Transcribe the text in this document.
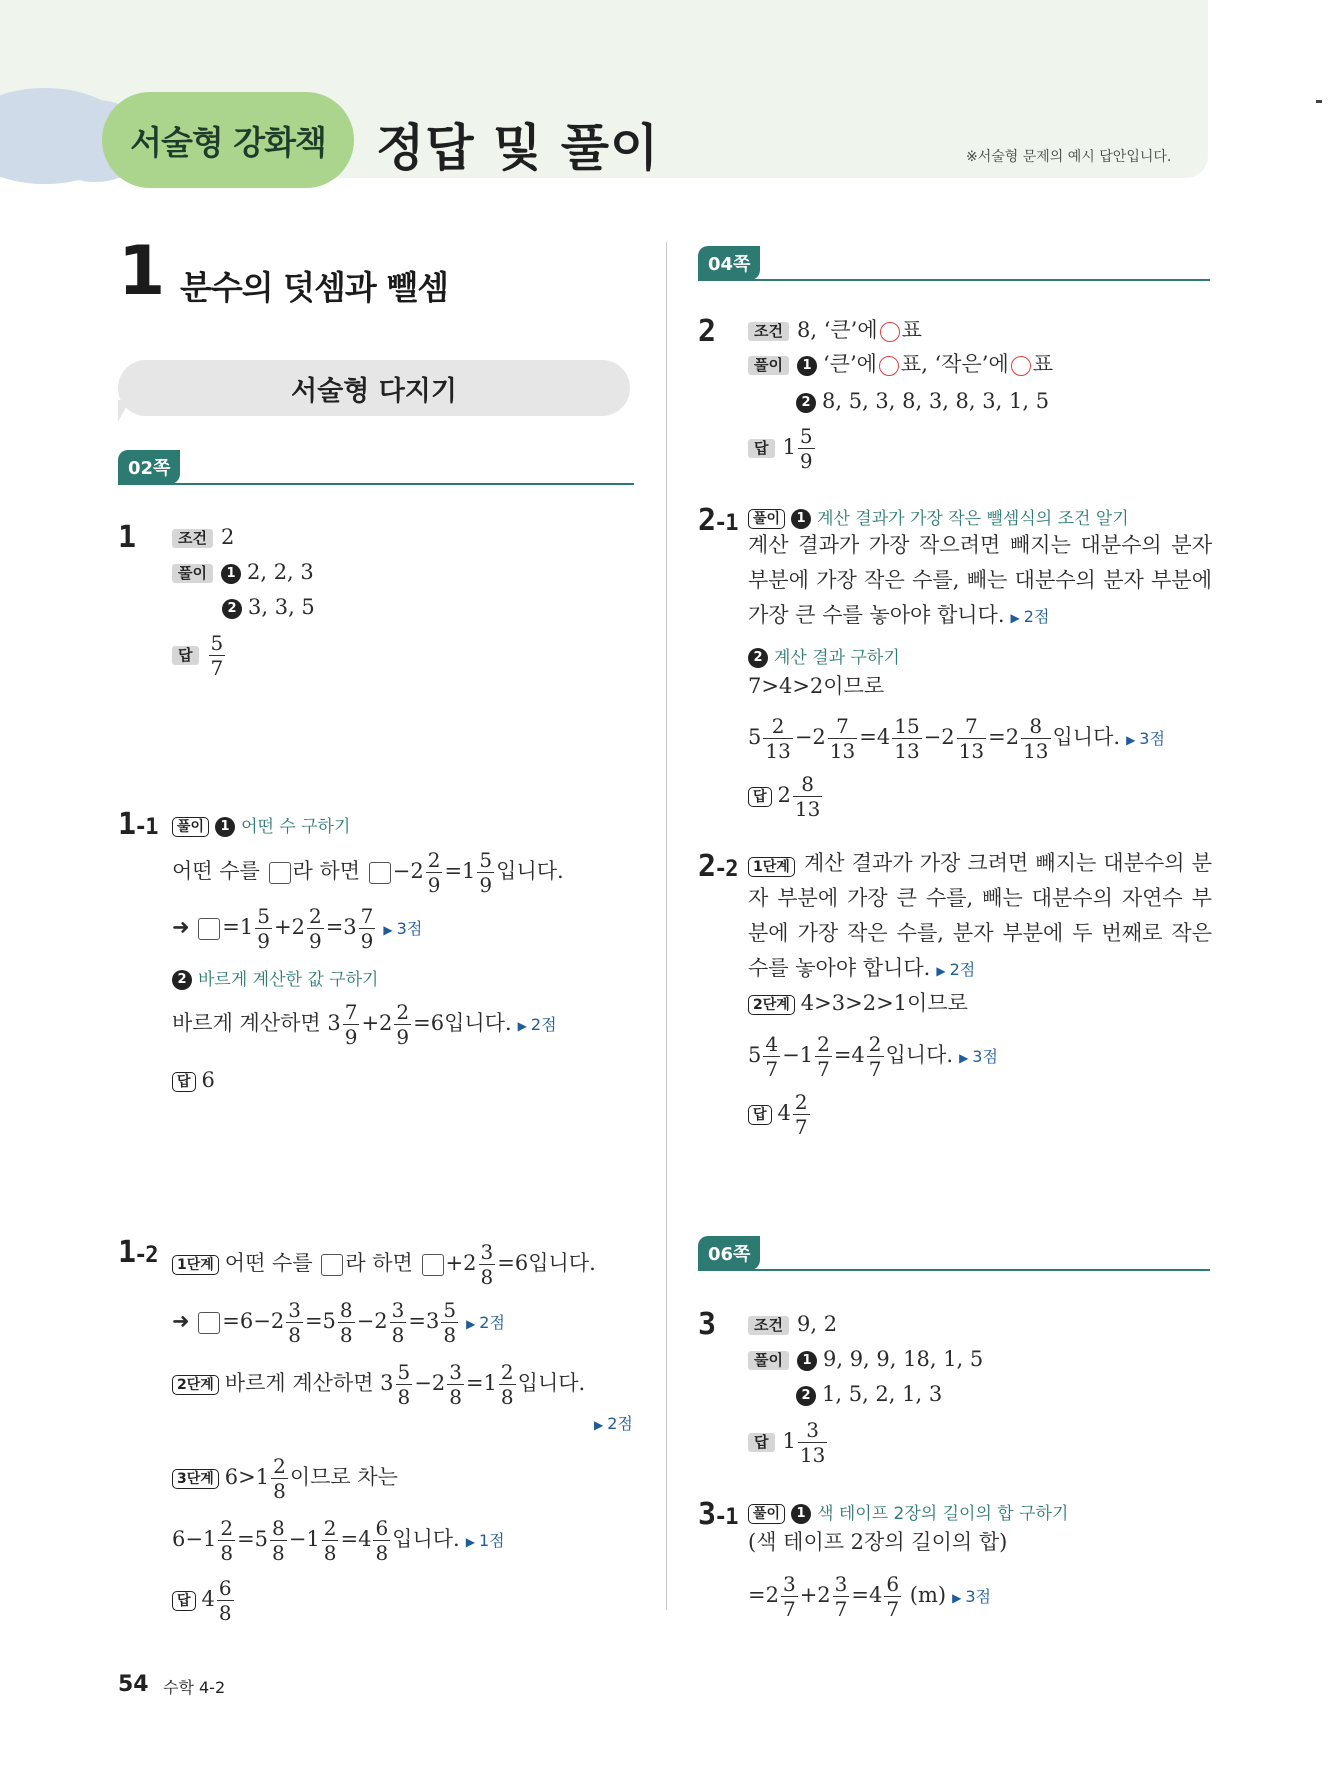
서술형 강화책	정답 및 풀이	※서술형 문제의 예시 답안입니다.
1 분수의 덧셈과 뺄셈
서술형 다지기
02쪽
1	조건 2
풀이 1 2, 2, 3
2 3, 3, 5
답 $\frac{5}{7}$
1-1	풀이 1 어떤 수 구하기
어떤 수를 라 하면 $-2 \frac{2}{9} =1 \frac{5}{9}$ 입니다.
➜ $=1 \frac{5}{9} +2 \frac{2}{9} =3 \frac{7}{9}$
▶ 3점
2 바르게 계산한 값 구하기
바르게 계산하면 $3 \frac{7}{9} +2 \frac{2}{9} =6$입니다.▶ 2점
답 6
1-2	1단계 어떤 수를 라 하면 $+2 \frac{3}{8} =6$입니다.
➜ $=6-2 \frac{3}{8} =5 \frac{8}{8} -2 \frac{3}{8} =3 \frac{5}{8}$
▶ 2점
2단계 바르게 계산하면 $3 \frac{5}{8} -2 \frac{3}{8} =1 \frac{2}{8}$ 입니다.
▶ 2점
3단계 $6>1 \frac{2}{8}$ 이므로 차는
$6-1 \frac{2}{8} =5 \frac{8}{8} -1 \frac{2}{8} =4 \frac{6}{8}$ 입니다.▶ 1점
답 $4 \frac{6}{8}$
04쪽
2	조건 8, ‘큰’에 표
풀이 1 ‘큰’에 표, ‘작은’에 표
2 8, 5, 3, 8, 3, 8, 3, 1, 5
답 $1 \frac{5}{9}$
2-1	풀이 1 계산 결과가 가장 작은 뺄셈식의 조건 알기
계산 결과가 가장 작으려면 빼지는 대분수의 분자 부분에 가장 작은 수를, 빼는 대분수의 분자 부분에 가장 큰 수를 놓아야 합니다.▶ 2점
2 계산 결과 구하기
7>4>2이므로
$5 \frac{2}{13} -2 \frac{7}{13} =4 \frac{15}{13} -2 \frac{7}{13} =2 \frac{8}{13}$ 입니다.▶ 3점
답 $2 \frac{8}{13}$
2-2	계산 결과가 가장 크려면 빼지는 대분수의 분자 부분에 가장 큰 수를, 빼는 대분수의 자연수 부분에 가장 작은 수를, 분자 부분에 두 번째로 작은 수를 놓아야 합니다.▶ 2점
1단계
2단계 4>3>2>1이므로
$5 \frac{4}{7} -1 \frac{2}{7} =4 \frac{2}{7}$ 입니다.▶ 3점
답 $4 \frac{2}{7}$
06쪽
3	조건 9, 2
풀이 1 9, 9, 9, 18, 1, 5
2 1, 5, 2, 1, 3
답 $1 \frac{3}{13}$
3-1	풀이 1 색 테이프 2장의 길이의 합 구하기
(색 테이프 2장의 길이의 합)
$=2 \frac{3}{7} +2 \frac{3}{7} =4 \frac{6}{7}$ (m)▶ 3점
54 수학 4-2
